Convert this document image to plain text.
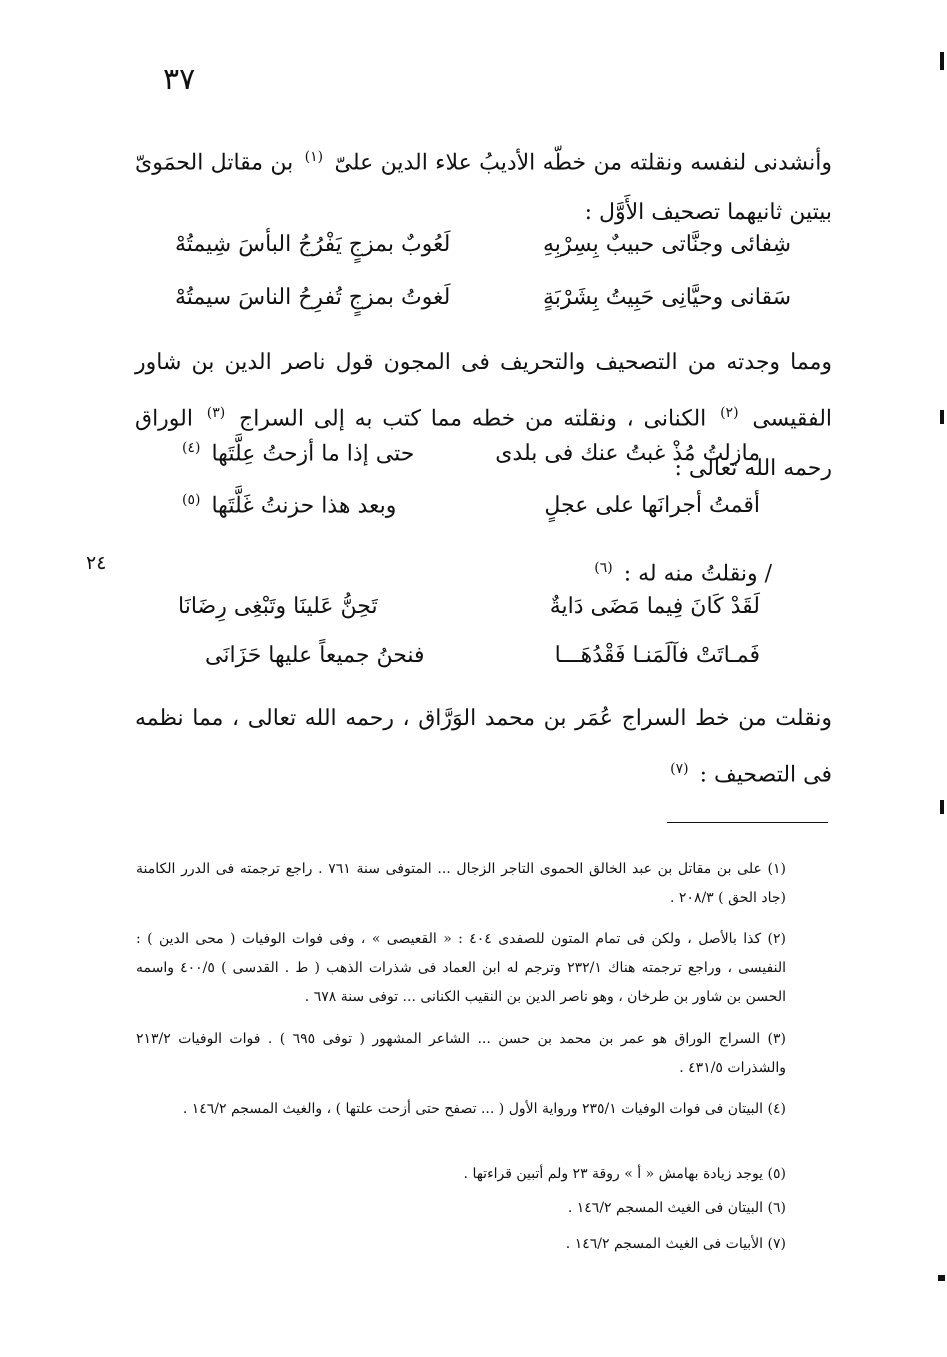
٣٧
٢٤
وأنشدنى لنفسه ونقلته من خطّه الأديبُ علاء الدين علىّ $^{(١)}$ بن مقاتل الحمَوىّ بيتين ثانيهما تصحيف الأَوَّل :
شِفائى وجنَّاتى حبيبٌ بِسِرْبِهِ
لَعُوبٌ بمزجٍ يَفْرُجُ البأسَ شِيمتُهْ
سَقانى وحيَّانِى حَبِيتُ بِشَرْبَةٍ
لَغوتُ بمزجٍ تُفرِحُ الناسَ سيمتُهْ
ومما وجدته من التصحيف والتحريف فى المجون قول ناصر الدين بن شاور الفقيسى $^{(٢)}$ الكنانى ، ونقلته من خطه مما كتب به إلى السراج $^{(٣)}$ الوراق رحمه الله تعالى :
مازلتُ مُذْ غبتُ عنك فى بلدى
حتى إذا ما أزحتُ عِلَّتَها $^{(٤)}$
أقمتُ أجرانَها على عجلٍ
وبعد هذا حزنتُ غَلَّتَها $^{(٥)}$
/ ونقلتُ منه له : $^{(٦)}$
لَقَدْ كَانَ فِيما مَضَى دَايةٌ
تَحِنُّ عَلينَا وتَبْغِى رِضَانَا
فَمـاتَتْ فآلَمَنـا فَقْدُهَـــا
فنحنُ جميعاً عليها حَزَانَى
ونقلت من خط السراج عُمَر بن محمد الوَرَّاق ، رحمه الله تعالى ، مما نظمه فى التصحيف : $^{(٧)}$
(١) على بن مقاتل بن عبد الخالق الحموى التاجر الزجال ... المتوفى سنة ٧٦١ . راجع ترجمته فى الدرر الكامنة (جاد الحق ) ٢٠٨/٣ .
(٢) كذا بالأصل ، ولكن فى تمام المتون للصفدى ٤٠٤ : « القعيصى » ، وفى فوات الوفيات ( محى الدين ) : النفيسى ، وراجع ترجمته هناك ٢٣٢/١ وترجم له ابن العماد فى شذرات الذهب ( ط . القدسى ) ٤٠٠/٥ واسمه الحسن بن شاور بن طرخان ، وهو ناصر الدين بن النقيب الكنانى ... توفى سنة ٦٧٨ .
(٣) السراج الوراق هو عمر بن محمد بن حسن ... الشاعر المشهور ( توفى ٦٩٥ ) . فوات الوفيات ٢١٣/٢ والشذرات ٤٣١/٥ .
(٤) البيتان فى فوات الوفيات ٢٣٥/١ ورواية الأول ( ... تصفح حتى أزحت علتها ) ، والغيث المسجم ١٤٦/٢ .
(٥) يوجد زيادة بهامش « أ » روقة ٢٣ ولم أتبين قراءتها .
(٦) البيتان فى الغيث المسجم ١٤٦/٢ .
(٧) الأبيات فى الغيث المسجم ١٤٦/٢ .
